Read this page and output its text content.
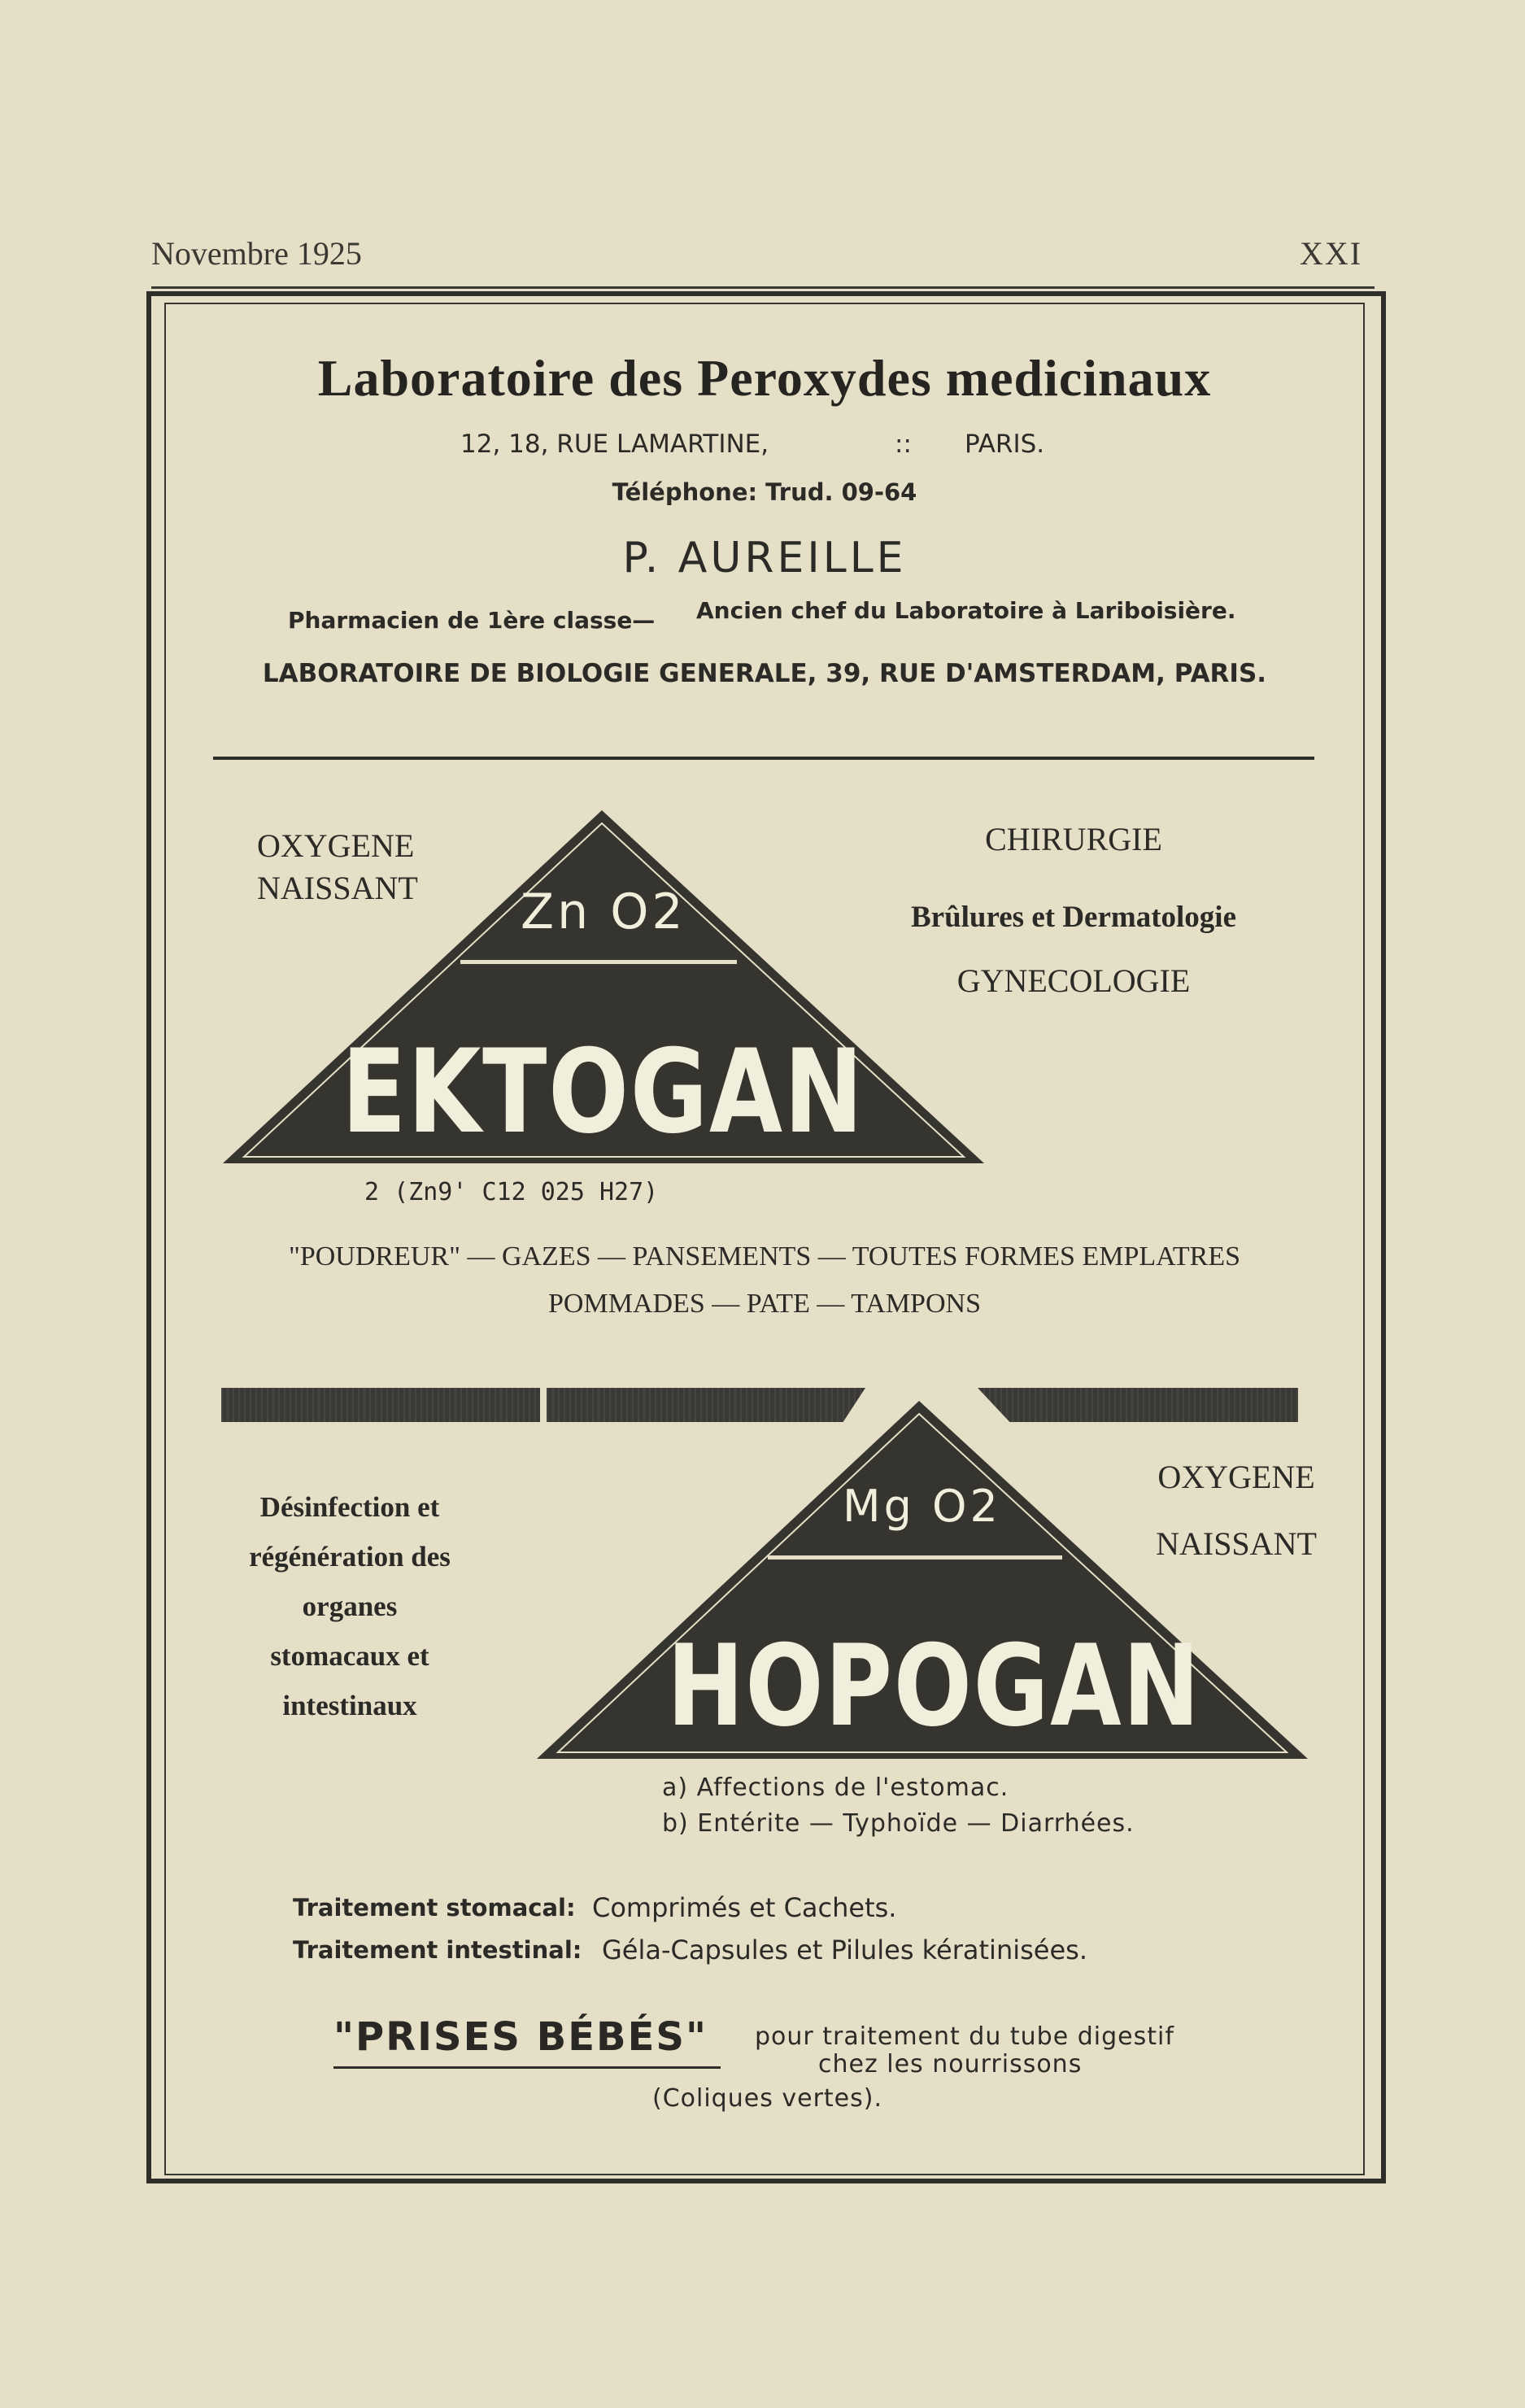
Novembre 1925	XXI
Laboratoire des Peroxydes medicinaux
12, 18, RUE LAMARTINE,	:: PARIS.
Téléphone: Trud. 09-64
P. AUREILLE
Pharmacien de 1ère classe— Ancien chef du Laboratoire à Lariboisière.
LABORATOIRE DE BIOLOGIE GENERALE, 39, RUE D'AMSTERDAM, PARIS.
OXYGENE
NAISSANT Zn O2
EKTOGAN
2 (Zn9' C12 025 H27)
CHIRURGIE
Brûlures et Dermatologie
GYNECOLOGIE
"POUDREUR" — GAZES — PANSEMENTS — TOUTES FORMES EMPLATRES
POMMADES — PATE — TAMPONS
Désinfection et
régénération des
organes
stomacaux et
intestinaux
Mg O2
HOPOGAN
OXYGENE
NAISSANT
a) Affections de l'estomac.
b) Entérite — Typhoïde — Diarrhées.
Traitement stomacal: Comprimés et Cachets.
Traitement intestinal: Géla-Capsules et Pilules kératinisées.
"PRISES BÉBÉS" pour traitement du tube digestif
chez les nourrissons
(Coliques vertes).
